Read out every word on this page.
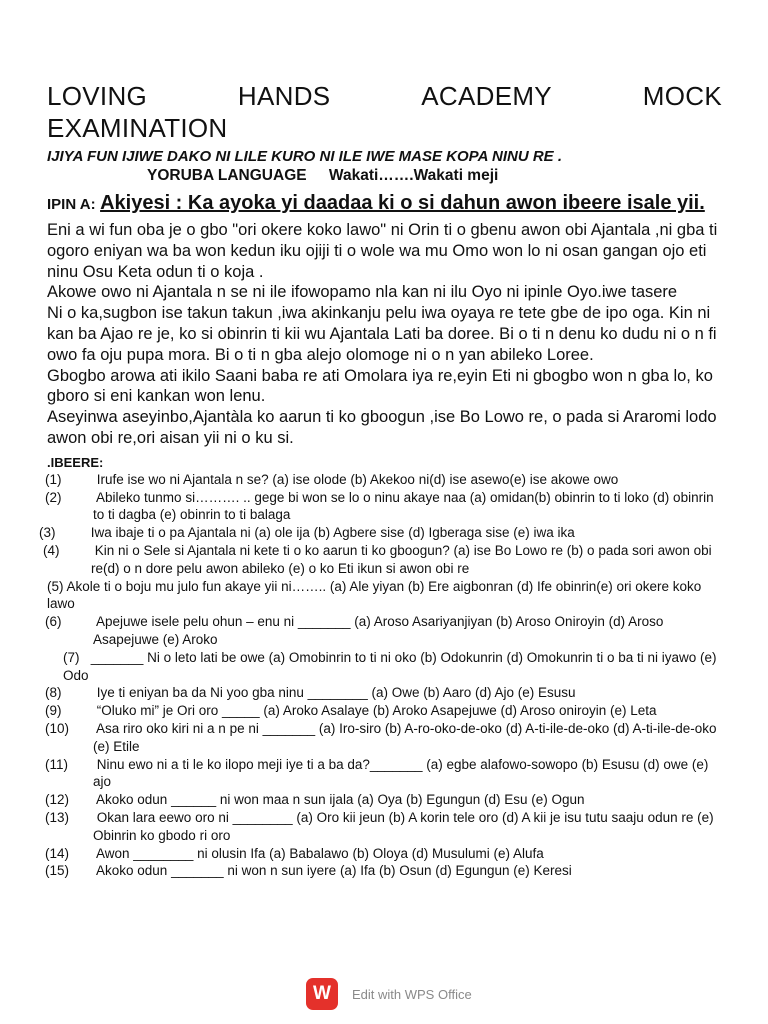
LOVING	HANDS	ACADEMY	MOCK
EXAMINATION
IJIYA FUN IJIWE DAKO NI LILE KURO NI ILE IWE MASE KOPA NINU RE .
YORUBA LANGUAGE Wakati…….Wakati meji
IPIN A: Akiyesi : Ka ayoka yi daadaa ki o si dahun awon ibeere isale yii.

Eni a wi fun oba je o gbo "ori okere koko lawo" ni Orin ti o gbenu awon obi Ajantala ,ni gba ti ogoro eniyan wa ba won kedun iku ojiji ti o wole wa mu Omo won lo ni osan gangan ojo eti ninu Osu Keta odun ti o koja .

Akowe owo ni Ajantala n se ni ile ifowopamo nla kan ni ilu Oyo ni ipinle Oyo.iwe tasere

Ni o ka,sugbon ise takun takun ,iwa akinkanju pelu iwa oyaya re tete gbe de ipo oga. Kin ni kan ba Ajao re je, ko si obinrin ti kii wu Ajantala Lati ba doree. Bi o ti n denu ko dudu ni o n fi owo fa oju pupa mora. Bi o ti n gba alejo olomoge ni o n yan abileko Loree.

Gbogbo arowa ati ikilo Saani baba re ati Omolara iya re,eyin Eti ni gbogbo won n gba lo, ko gboro si eni kankan won lenu.

Aseyinwa aseyinbo,Ajantàla ko aarun ti ko gboogun ,ise Bo Lowo re, o pada si Araromi lodo awon obi re,ori aisan yii ni o ku si.

.IBEERE:
(1)	Irufe ise wo ni Ajantala n se? (a) ise olode (b) Akekoo ni(d) ise asewo(e) ise akowe owo
(2)	Abileko tunmo si………. .. gege bi won se lo o ninu akaye naa (a) omidan(b) obinrin to ti loko (d) obinrin to ti dagba (e) obinrin to ti balaga
(3)	Iwa ibaje ti o pa Ajantala ni (a) ole ija (b) Agbere sise (d) Igberaga sise (e) iwa ika
(4)	Kin ni o Sele si Ajantala ni kete ti o ko aarun ti ko gboogun? (a) ise Bo Lowo re (b) o pada sori awon obi re(d) o n dore pelu awon abileko (e) o ko Eti ikun si awon obi re
(5) Akole ti o boju mu julo fun akaye yii ni…….. (a) Ale yiyan (b) Ere aigbonran (d) Ife obinrin(e) ori okere koko lawo
(6)	Apejuwe isele pelu ohun – enu ni _______ (a) Aroso Asariyanjiyan (b) Aroso Oniroyin (d) Aroso Asapejuwe (e) Aroko
(7) _______ Ni o leto lati be owe (a) Omobinrin to ti ni oko (b) Odokunrin (d) Omokunrin ti o ba ti ni iyawo (e) Odo
(8)	Iye ti eniyan ba da Ni yoo gba ninu ________ (a) Owe (b) Aaro (d) Ajo (e) Esusu
(9)	“Oluko mi” je Ori oro _____ (a) Aroko Asalaye (b) Aroko Asapejuwe (d) Aroso oniroyin (e) Leta
(10) Asa riro oko kiri ni a n pe ni _______ (a) Iro-siro (b) A-ro-oko-de-oko (d) A-ti-ile-de-oko (d) A-ti-ile-de-oko (e) Etile
(11) Ninu ewo ni a ti le ko ilopo meji iye ti a ba da?_______ (a) egbe alafowo-sowopo (b) Esusu (d) owe (e) ajo
(12) Akoko odun ______ ni won maa n sun ijala (a) Oya (b) Egungun (d) Esu (e) Ogun
(13) Okan lara eewo oro ni ________ (a) Oro kii jeun (b) A korin tele oro (d) A kii je isu tutu saaju odun re (e) Obinrin ko gbodo ri oro
(14) Awon ________ ni olusin Ifa (a) Babalawo (b) Oloya (d) Musulumi (e) Alufa
(15) Akoko odun _______ ni won n sun iyere (a) Ifa (b) Osun (d) Egungun (e) Keresi
W	Edit with WPS Office
